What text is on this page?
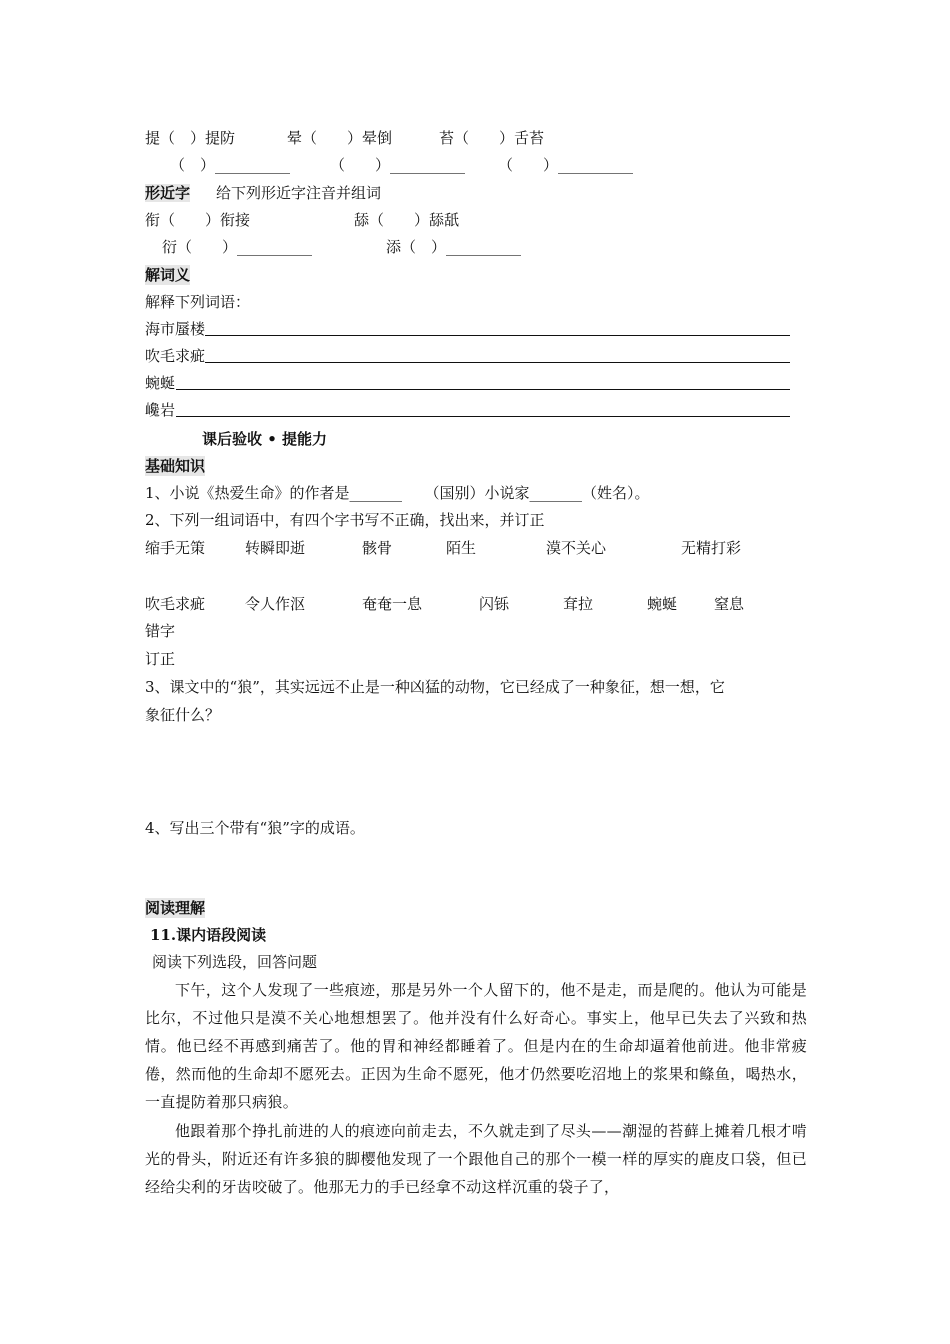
提（　）提防	晕（　　）晕倒	苔（　　）舌苔
（　）__________	（　　）__________ （　　）__________
形近字 给下列形近字注音并组词
衔（　　）衔接	舔（　　）舔舐
衍（　　）__________	添（　）__________
解词义
解释下列词语：
海市蜃楼
吹毛求疵
蜿蜒
巉岩
课后验收 • 提能力
基础知识
1、小说《热爱生命》的作者是_______　　（国别）小说家_______（姓名）。
2、下列一组词语中，有四个字书写不正确，找出来，并订正
缩手无策	转瞬即逝	骸骨	陌生	漠不关心	无精打彩
吹毛求疵	令人作沤	奄奄一息	闪铄	耷拉	蜿蜒 窒息
错字
订正
3、课文中的“狼”，其实远远不止是一种凶猛的动物，它已经成了一种象征，想一想，它
象征什么？
4、写出三个带有“狼”字的成语。
阅读理解
11.课内语段阅读
阅读下列选段，回答问题
下午，这个人发现了一些痕迹，那是另外一个人留下的，他不是走，而是爬的。他认为可能是比尔，不过他只是漠不关心地想想罢了。他并没有什么好奇心。事实上，他早已失去了兴致和热情。他已经不再感到痛苦了。他的胃和神经都睡着了。但是内在的生命却逼着他前进。他非常疲倦，然而他的生命却不愿死去。正因为生命不愿死，他才仍然要吃沼地上的浆果和鲦鱼，喝热水，一直提防着那只病狼。
他跟着那个挣扎前进的人的痕迹向前走去，不久就走到了尽头——潮湿的苔藓上摊着几根才啃光的骨头，附近还有许多狼的脚樱他发现了一个跟他自己的那个一模一样的厚实的鹿皮口袋，但已经给尖利的牙齿咬破了。他那无力的手已经拿不动这样沉重的袋子了，
